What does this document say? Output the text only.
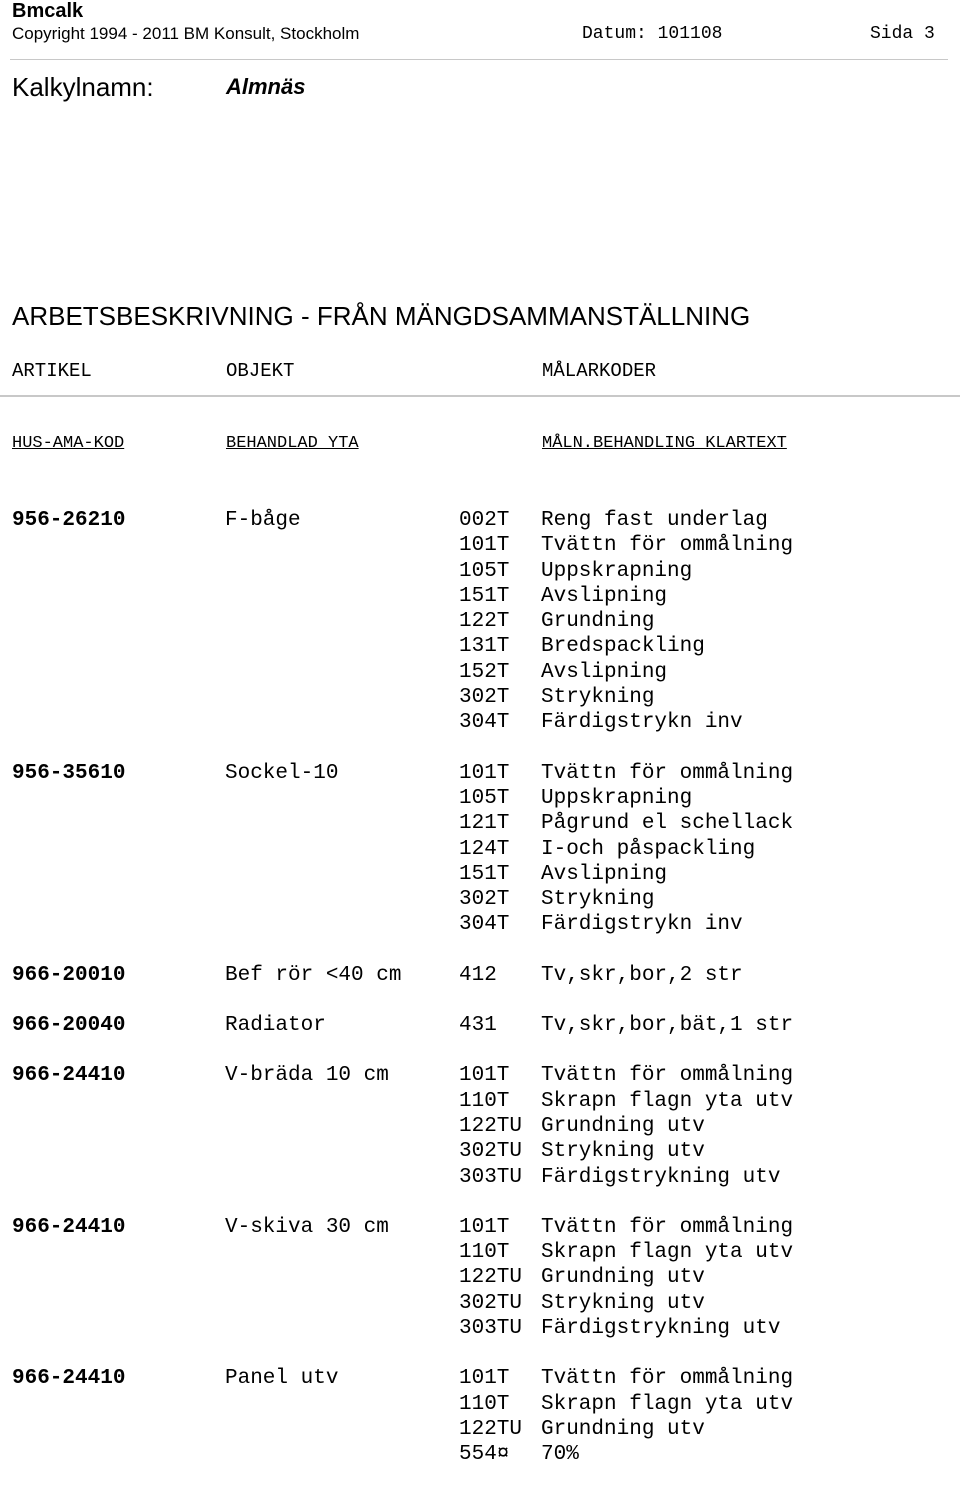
Bmcalk
Copyright 1994 - 2011 BM Konsult, Stockholm	Datum: 101108	Sida 3
Kalkylnamn:	Almnäs
ARBETSBESKRIVNING - FRÅN MÄNGDSAMMANSTÄLLNING
ARTIKEL	OBJEKT	MÅLARKODER
HUS-AMA-KOD	BEHANDLAD YTA	MÅLN.BEHANDLING KLARTEXT
956-26210	F-båge	002T Reng fast underlag
101T Tvättn för ommålning
105T Uppskrapning
151T Avslipning
122T Grundning
131T Bredspackling
152T Avslipning
302T Strykning
304T Färdigstrykn inv
956-35610	Sockel-10	101T Tvättn för ommålning
105T Uppskrapning
121T Pågrund el schellack
124T I-och påspackling
151T Avslipning
302T Strykning
304T Färdigstrykn inv
966-20010	Bef rör <40 cm	412 Tv,skr,bor,2 str
966-20040	Radiator	431 Tv,skr,bor,bät,1 str
966-24410	V-bräda 10 cm	101T Tvättn för ommålning
110T Skrapn flagn yta utv
122TU Grundning utv
302TU Strykning utv
303TU Färdigstrykning utv
966-24410	V-skiva 30 cm	101T Tvättn för ommålning
110T Skrapn flagn yta utv
122TU Grundning utv
302TU Strykning utv
303TU Färdigstrykning utv
966-24410	Panel utv	101T Tvättn för ommålning
110T Skrapn flagn yta utv
122TU Grundning utv
554¤ 70%
